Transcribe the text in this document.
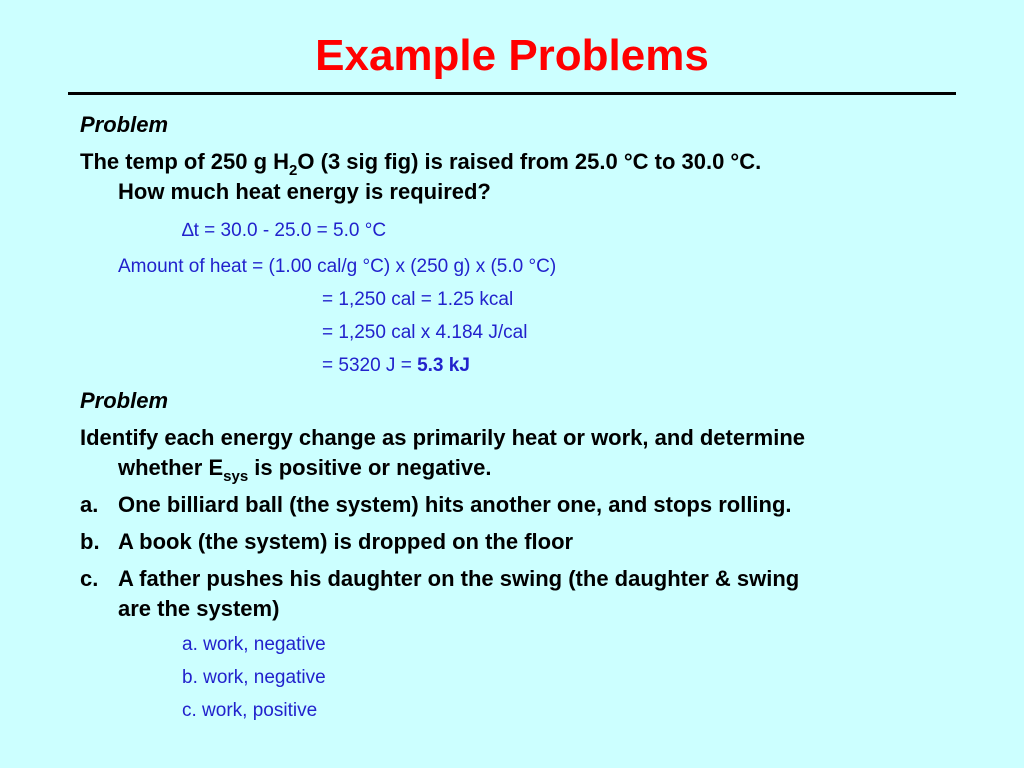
Example Problems
Problem
The temp of 250 g $H_2O$ (3 sig fig) is raised from 25.0 °C to 30.0 °C.
How much heat energy is required?
∆t = 30.0 - 25.0 = 5.0 °C
Amount of heat = (1.00 cal/g °C) x (250 g) x (5.0 °C)
= 1,250 cal = 1.25 kcal
= 1,250 cal x 4.184 J/cal
= 5320 J = 5.3 kJ
Problem
Identify each energy change as primarily heat or work, and determine
whether $E_{sys}$ is positive or negative.
a. One billiard ball (the system) hits another one, and stops rolling.
b. A book (the system) is dropped on the floor
c. A father pushes his daughter on the swing (the daughter & swing
are the system)
a. work, negative
b. work, negative
c. work, positive
